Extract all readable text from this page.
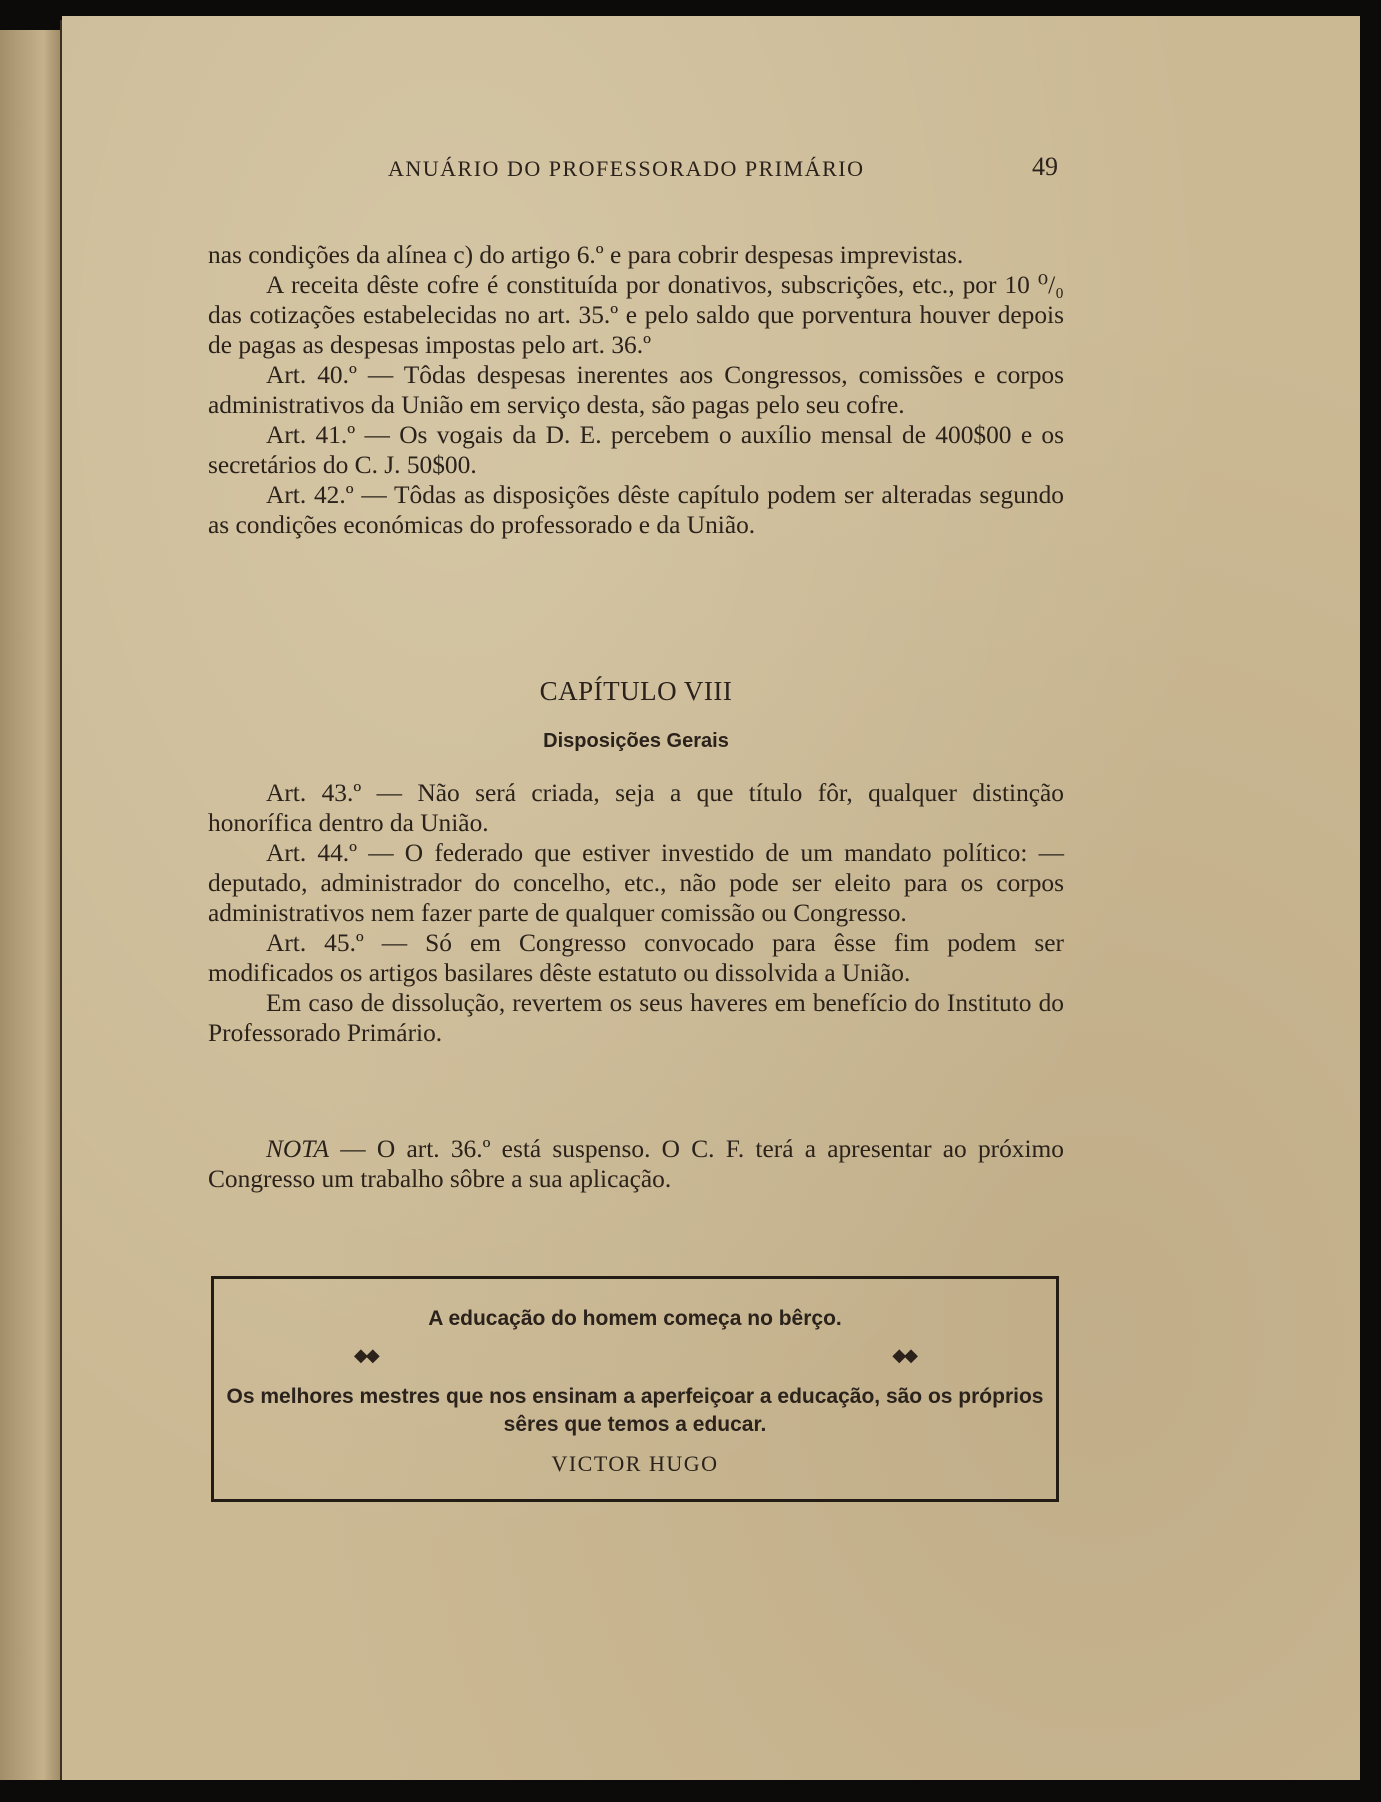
ANUÁRIO DO PROFESSORADO PRIMÁRIO	49

nas condições da alínea c) do artigo 6.º e para cobrir despesas imprevistas.

A receita dêste cofre é constituída por donativos, subscrições, etc., por 10 ⁰/₀ das cotizações estabelecidas no art. 35.º e pelo saldo que porventura houver depois de pagas as despesas impostas pelo art. 36.º

Art. 40.º — Tôdas despesas inerentes aos Congressos, comissões e corpos administrativos da União em serviço desta, são pagas pelo seu cofre.

Art. 41.º — Os vogais da D. E. percebem o auxílio mensal de 400$00 e os secretários do C. J. 50$00.

Art. 42.º — Tôdas as disposições dêste capítulo podem ser alteradas segundo as condições económicas do professorado e da União.

CAPÍTULO VIII
Disposições Gerais

Art. 43.º — Não será criada, seja a que título fôr, qualquer distinção honorífica dentro da União.

Art. 44.º — O federado que estiver investido de um mandato político: — deputado, administrador do concelho, etc., não pode ser eleito para os corpos administrativos nem fazer parte de qualquer comissão ou Congresso.

Art. 45.º — Só em Congresso convocado para êsse fim podem ser modificados os artigos basilares dêste estatuto ou dissolvida a União.

Em caso de dissolução, revertem os seus haveres em benefício do Instituto do Professorado Primário.

NOTA — O art. 36.º está suspenso. O C. F. terá a apresentar ao próximo Congresso um trabalho sôbre a sua aplicação.

A educação do homem começa no bêrço.
◆◆	◆◆
Os melhores mestres que nos ensinam a aperfeiçoar a educação, são os próprios sêres que temos a educar.
VICTOR HUGO
